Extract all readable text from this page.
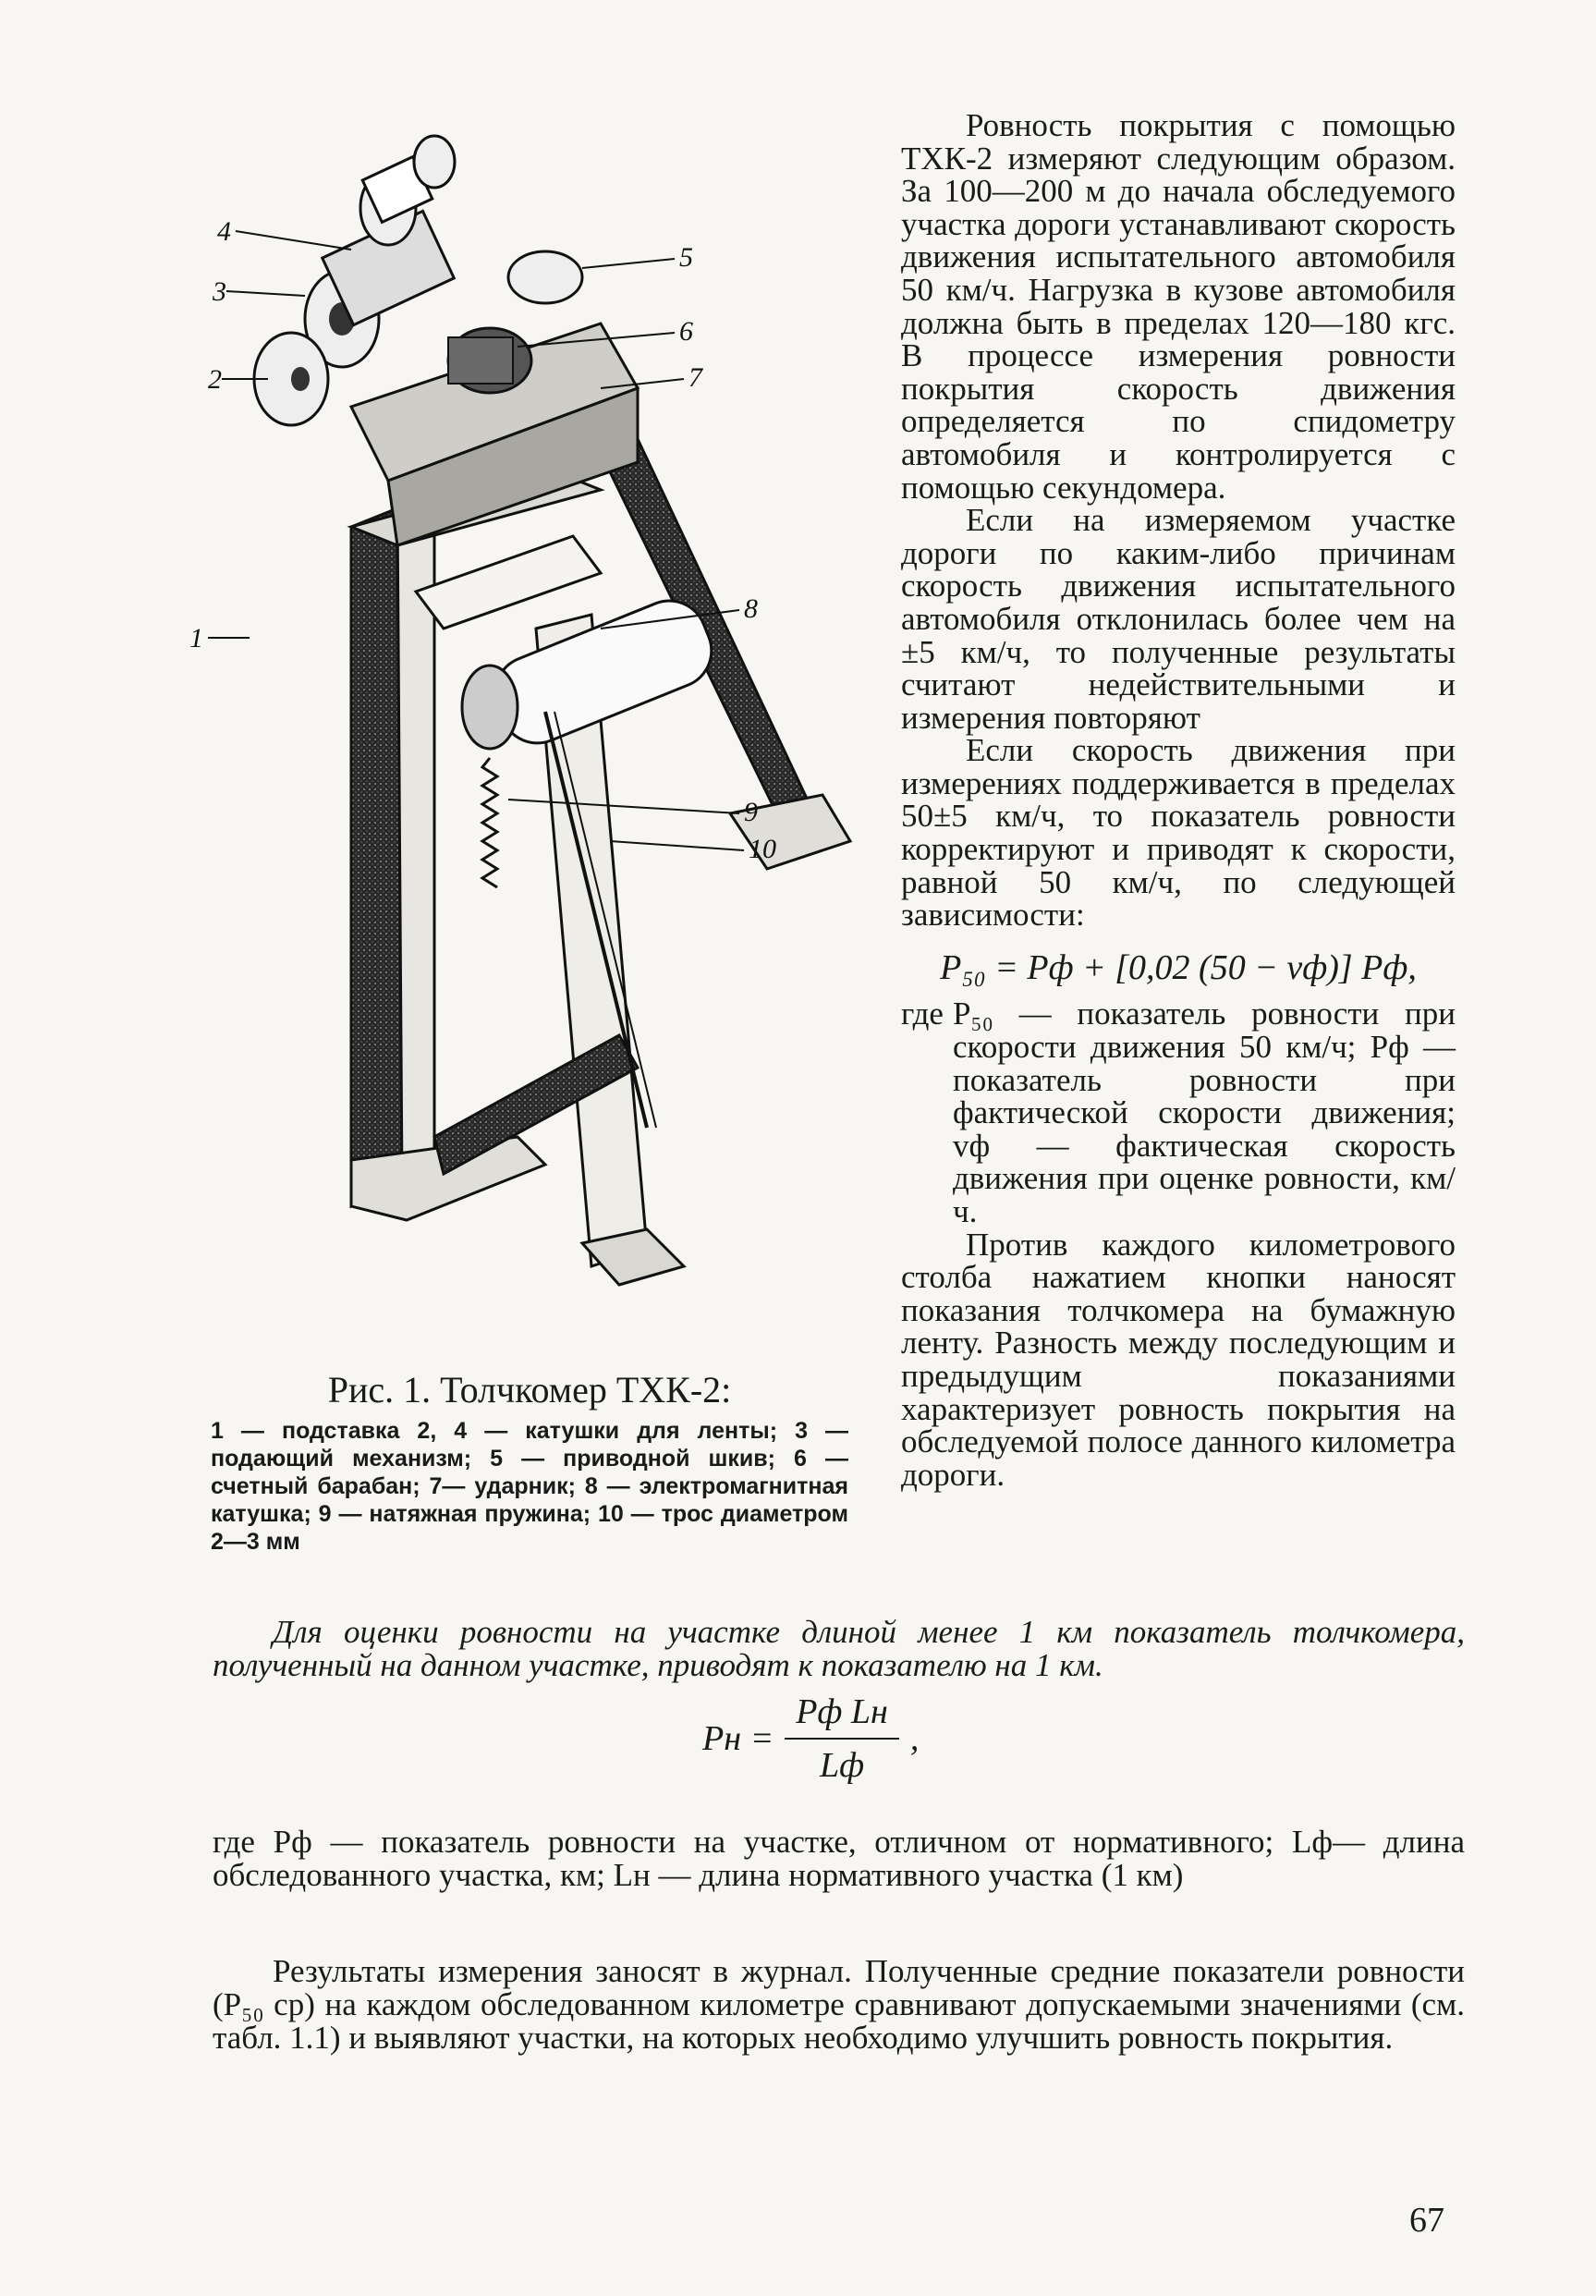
4
3
2
5
6
7
1
8
9
10
Рис. 1. Толчкомер ТХК-2:
1 — подставка 2, 4 — катушки для ленты; 3 — подающий механизм; 5 — приводной шкив; 6 — счетный барабан; 7— ударник; 8 — электромагнитная катушка; 9 — натяжная пружина; 10 — трос диаметром 2—3 мм

Ровность покрытия с помощью ТХК-2 измеряют следующим образом. За 100—200 м до начала обследуемого участка дороги устанавливают скорость движения испытательного автомобиля 50 км/ч. Нагрузка в кузове автомобиля должна быть в пределах 120—180 кгс. В процессе измерения ровности покрытия скорость движения определяется по спидометру автомобиля и контролируется с помощью секундомера.

Если на измеряемом участке дороги по каким-либо причинам скорость движения испытательного автомобиля отклонилась более чем на ±5 км/ч, то полученные результаты считают недействительными и измерения повторяют

Если скорость движения при измерениях поддерживается в пределах 50±5 км/ч, то показатель ровности корректируют и приводят к скорости, равной 50 км/ч, по следующей зависимости:

P₅₀ = Pф + [0,02 (50 − vф)] Pф,
где P₅₀ — показатель ровности при скорости движения 50 км/ч; Pф — показатель ровности при фактической скорости движения; vф — фактическая скорость движения при оценке ровности, км/ч.

Против каждого километрового столба нажатием кнопки наносят показания толчкомера на бумажную ленту. Разность между последующим и предыдущим показаниями характеризует ровность покрытия на обследуемой полосе данного километра дороги.

Для оценки ровности на участке длиной менее 1 км показатель толчкомера, полученный на данном участке, приводят к показателю на 1 км.

Pн = $\frac{\text{Pф Lн}}{Lф}$ ,

где Pф — показатель ровности на участке, отличном от нормативного; Lф— длина обследованного участка, км; Lн — длина нормативного участка (1 км)

Результаты измерения заносят в журнал. Полученные средние показатели ровности (P₅₀ ср) на каждом обследованном километре сравнивают допускаемыми значениями (см. табл. 1.1) и выявляют участки, на которых необходимо улучшить ровность покрытия.

67
